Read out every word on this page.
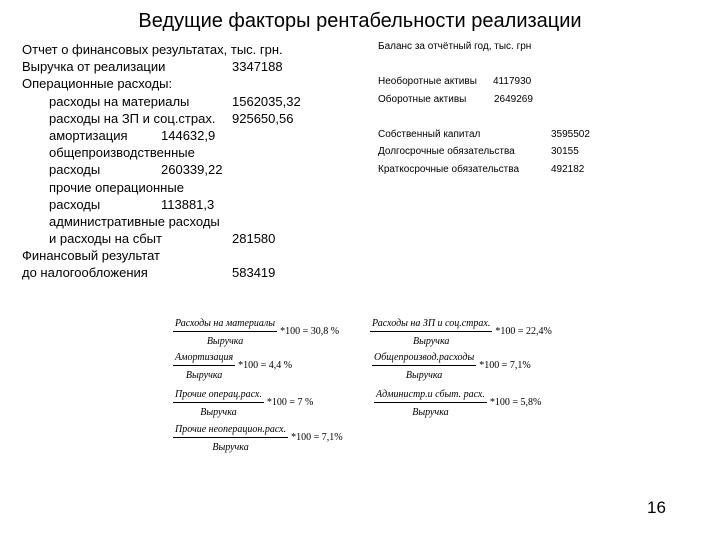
Ведущие факторы рентабельности реализации
Отчет о финансовых результатах, тыс. грн.
Выручка от реализации	3347188
Операционные расходы:
расходы на материалы	1562035,32
расходы на ЗП и соц.страх. 925650,56
амортизация	144632,9
общепроизводственные
расходы	260339,22
прочие операционные
расходы	113881,3
административные расходы
и расходы на сбыт	281580
Финансовый результат
до налогообложения	583419
Баланс за отчётный год, тыс. грн
Необоротные активы 4117930
Оборотные активы	2649269
Собственный капитал	3595502
Долгосрочные обязательства	30155
Краткосрочные обязательства	492182
Расходы на материалы
Выручка
*100 = 30,8 %
Расходы на ЗП и соц.страх.
Выручка
*100 = 22,4%
Амортизация
Выручка
*100 = 4,4 %
Общепроизвод.расходы
Выручка
*100 = 7,1%
Прочие операц.расх.
Выручка
*100 = 7 %
Администр.и сбыт. расх.
Выручка
*100 = 5,8%
Прочие неоперацион.расх.
Выручка
*100 = 7,1%
16
